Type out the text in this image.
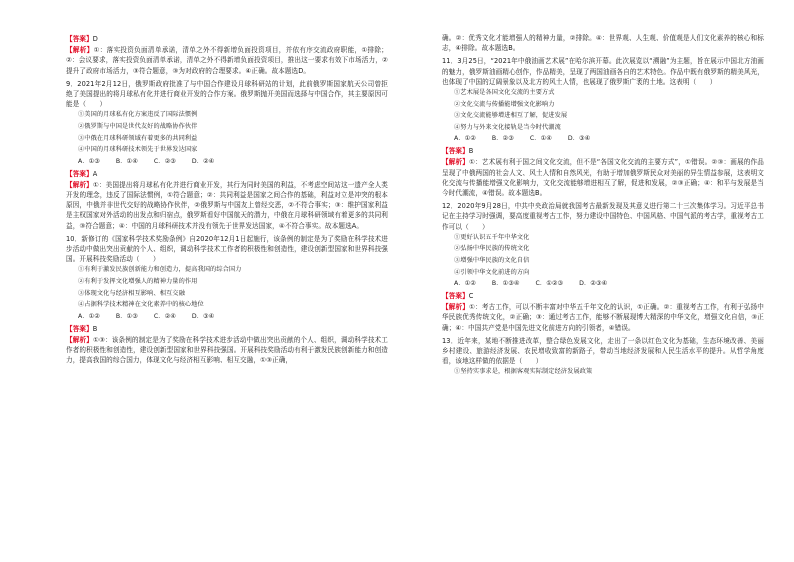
【答案】D

【解析】①：落实投资负面清单承诺，清单之外不得新增负面投资项目，并依有序交流政府职能，①排除；②：会议要求，落实投资负面清单承诺，清单之外不得新增负面投资项目，推出这一要求有效下市场活力，②提升了政府市场活力，③符合题意，③为对政府的合理要求。④正确。故本题选D。

9．2021年2月12日，俄罗斯政府批准了与中国合作建设月球科研站的计划，此前俄罗斯国家航天公司曾拒绝了美国提出的将月球私有化并进行商业开发的合作方案。俄罗斯抛开美国而选择与中国合作，其主要原因可能是（　　）

①美国的月球私有化方案违反了国际法惯例
②俄罗斯与中国是世代友好的战略协作伙伴
③中俄在月球科研领域有着更多的共同利益
④中国的月球科研技术领先于世界发达国家
A．①③	B．①④	C．②③	D．②④
【答案】A

【解析】①：美国提出将月球私有化并进行商业开发，其行为同时美国的利益，不考虑空间站这一遗产全人类开发的理念，违反了国际法惯例，①符合题意；②：共同利益是国家之间合作的基础，利益对立是冲突的根本原因，中俄并非世代交好的战略协作伙伴，②俄罗斯与中国友上曾经交恶，②不符合事实；③：维护国家利益是主权国家对外活动的出发点和归宿点，俄罗斯看好中国航天的潜力，中俄在月球科研领域有着更多的共同利益，③符合题意；④：中国的月球科研技术并没有领先于世界发达国家，④不符合事实。故本题选A。

10．新修订的《国家科学技术奖励条例》自2020年12月1日起施行，该条例的制定是为了奖励在科学技术进步活动中做出突出贡献的个人、组织，调动科学技术工作者的积极性和创造性，建设创新型国家和世界科技强国。开展科技奖励活动（　　）

①有利于激发民族创新能力和创造力，提高我国的综合国力
②有利于发挥文化增强人的精神力量的作用
③体现文化与经济相互影响、相互交融
④占据科学技术精神在文化素养中的核心地位
A．①②	B．①③	C．②④	D．③④
【答案】B

【解析】①③：该条例的制定是为了奖励在科学技术进步活动中做出突出贡献的个人、组织，调动科学技术工作者的积极性和创造性，建设创新型国家和世界科技强国。开展科技奖励活动有利于激发民族创新能力和创造力，提高我国的综合国力，体现文化与经济相互影响、相互交融，①③正确，

确。②：优秀文化才能增强人的精神力量，②排除。④：世界观、人生观、价值观是人们文化素养的核心和标志，④排除。故本题选B。

11．3月25日，“2021年中俄油画艺术展”在哈尔滨开幕。此次展览以“溯融”为主题，旨在展示中国北方油画的魅力，俄罗斯油画精心创作，作品精美，呈现了两国油画各自的艺术特色。作品中既有俄罗斯的精美风光，也体现了中国的辽阔景象以及北方的风土人情，也展现了俄罗斯广袤的土地。这表明（　　）

①艺术展是各国文化交流的主要方式
②文化交流与传播能增强文化影响力
③文化交流能够增进相互了解，促进发展
④努力与外来文化接轨是当今时代潮流
A．①②	B．②③	C．①④	D．③④
【答案】B

【解析】①：艺术展有利于国之间文化交流，但不是“各国文化交流的主要方式”，①错误。②③：画展的作品呈现了中俄两国的社会人文、风土人情和自然风光，有助于增加俄罗斯民众对美丽的异生情益参展，这表明文化交流与传播能增强文化影响力，文化交流能够增进相互了解，促进和发展，②③正确；④：和平与发展是当今时代潮流，④错误。故本题选B。

12．2020年9月28日，中共中央政治局就我国考古最新发现及其意义进行第二十三次集体学习。习近平总书记在主持学习时强调，要高度重视考古工作，努力建设中国特色、中国风格、中国气派的考古学，重视考古工作可以（　　）

①更好认识五千年中华文化
②弘扬中华民族的传统文化
③增强中华民族的文化自信
④引领中华文化前进的方向
A．①②	B．①③④	C．①②③	D．②③④
【答案】C

【解析】①：考古工作，可以不断丰富对中华五千年文化的认识，①正确。②：重视考古工作，有利于弘扬中华民族优秀传统文化，②正确；③：通过考古工作，能够不断展现博大精深的中华文化，增强文化自信，③正确；④：中国共产党是中国先进文化前进方向的引领者，④错误。

13．近年来，某地不断推进改革，整合绿色发展文化，走出了一条以红色文化为基础，生态环境改善、美丽乡村建设、旅游经济发展、农民增收致富的新路子，带动当地经济发展和人民生活水平的提升。从哲学角度看，该地这样做的依据是（　　）

①坚持实事求是，根据客观实际制定经济发展政策
